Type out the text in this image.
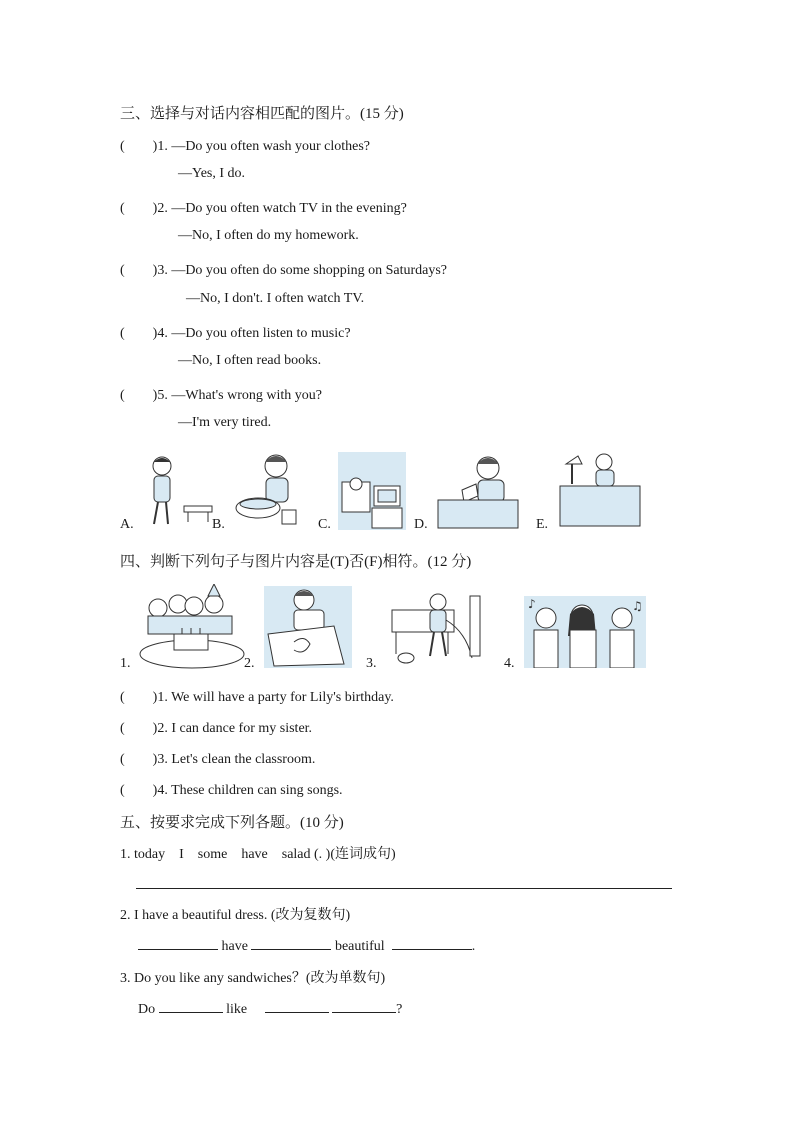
三、选择与对话内容相匹配的图片。(15 分)
(　　)1. —Do you often wash your clothes?
—Yes, I do.
(　　)2. —Do you often watch TV in the evening?
—No, I often do my homework.
(　　)3. —Do you often do some shopping on Saturdays?
—No, I don't. I often watch TV.
(　　)4. —Do you often listen to music?
—No, I often read books.
(　　)5. —What's wrong with you?
—I'm very tired.
A.	B.	C.	D.	E.
四、判断下列句子与图片内容是(T)否(F)相符。(12 分)
1.	2.	3.	4.
♪	♫
(　　)1. We will have a party for Lily's birthday.
(　　)2. I can dance for my sister.
(　　)3. Let's clean the classroom.
(　　)4. These children can sing songs.
五、按要求完成下列各题。(10 分)
1. today　I　some　have　salad (. )(连词成句)
2. I have a beautiful dress. (改为复数句)
have	beautiful	.
3. Do you like any sandwiches？(改为单数句)
Do	like	?
